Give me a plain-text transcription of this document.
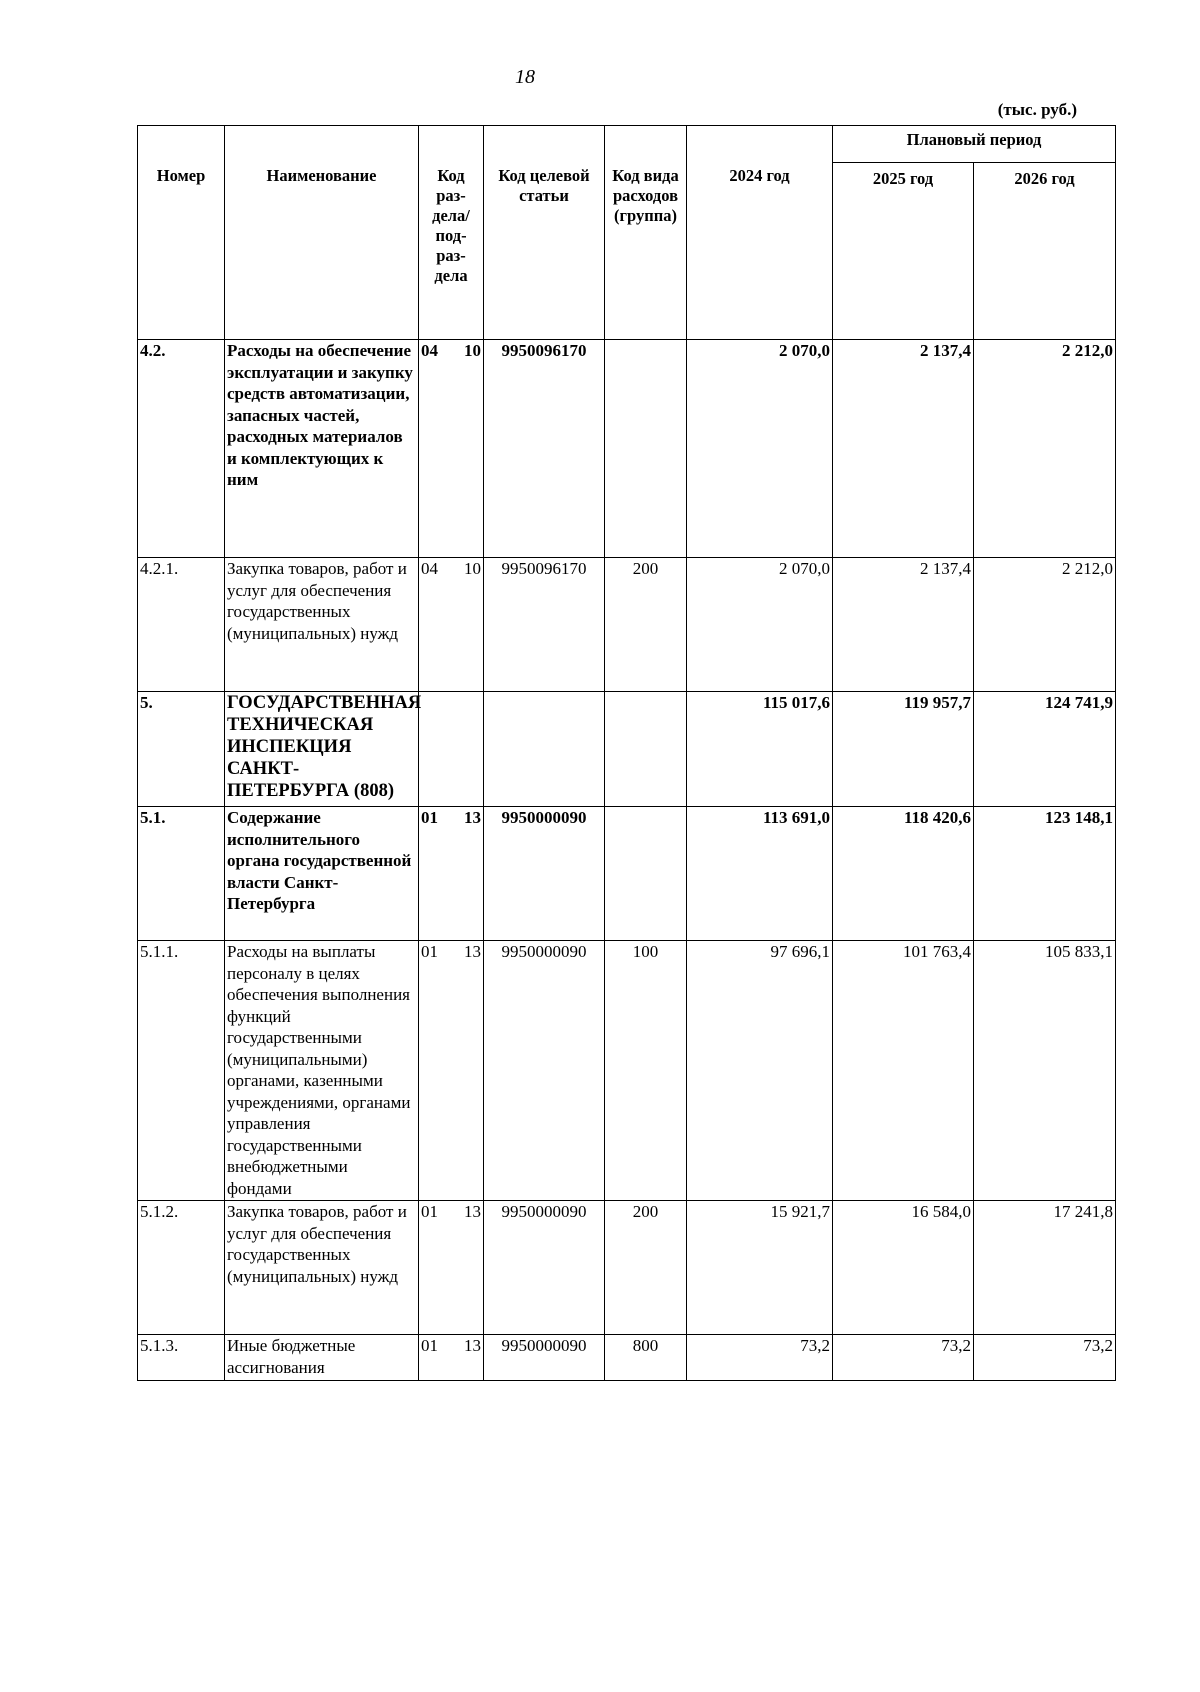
18
(тыс. руб.)
Номер	Наименование	Код раз-дела/ под-раз-дела	Код целевой статьи	Код вида расходов (группа)	2024 год	Плановый период	
						2025 год	2026 год
4.2.	Расходы на обеспечение эксплуатации и закупку средств автоматизации, запасных частей, расходных материалов и комплектующих к ним	04 10	9950096170		2 070,0	2 137,4	2 212,0
4.2.1.	Закупка товаров, работ и услуг для обеспечения государственных (муниципальных) нужд	04 10	9950096170	200	2 070,0	2 137,4	2 212,0
5.	ГОСУДАРСТВЕННАЯ ТЕХНИЧЕСКАЯ ИНСПЕКЦИЯ САНКТ-ПЕТЕРБУРГА (808)				115 017,6	119 957,7	124 741,9
5.1.	Содержание исполнительного органа государственной власти Санкт-Петербурга	01 13	9950000090		113 691,0	118 420,6	123 148,1
5.1.1.	Расходы на выплаты персоналу в целях обеспечения выполнения функций государственными (муниципальными) органами, казенными учреждениями, органами управления государственными внебюджетными фондами	01 13	9950000090	100	97 696,1	101 763,4	105 833,1
5.1.2.	Закупка товаров, работ и услуг для обеспечения государственных (муниципальных) нужд	01 13	9950000090	200	15 921,7	16 584,0	17 241,8
5.1.3.	Иные бюджетные ассигнования	01 13	9950000090	800	73,2	73,2	73,2
